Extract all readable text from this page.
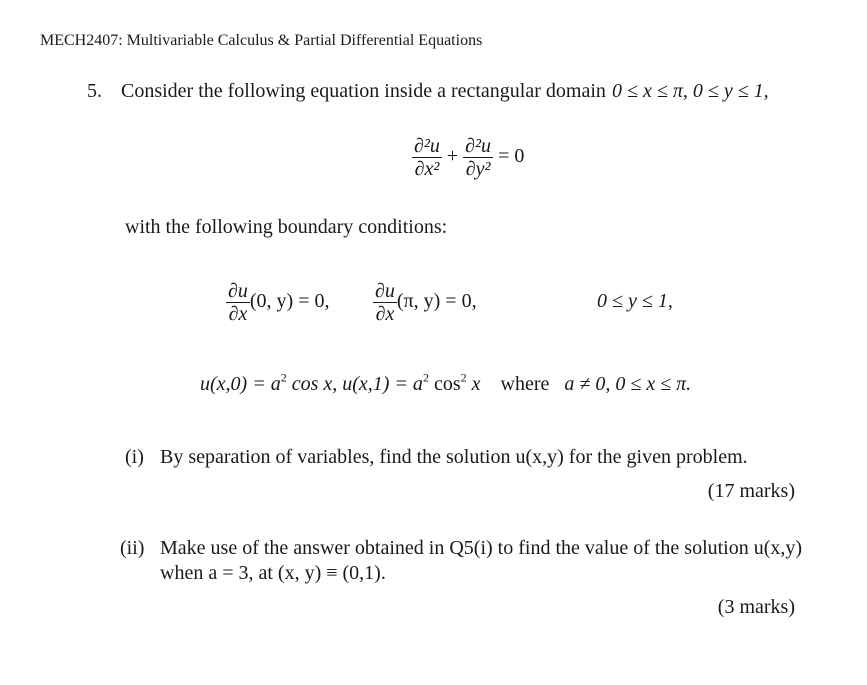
MECH2407: Multivariable Calculus & Partial Differential Equations
5. Consider the following equation inside a rectangular domain 0 ≤ x ≤ π, 0 ≤ y ≤ 1,
$\frac{\text{∂²u}}{\text{∂x²}} + \frac{\text{∂²u}}{\text{∂y²}} = 0$
with the following boundary conditions:
$\frac{\partial u}{\partial x} (0$, y) = 0, $\frac{\partial u}{\partial x} (\pi$, y) = 0,	0 ≤ y ≤ 1,
$u(x,0) = a^2$ cos x, $u(x,1) = a^2$ $\cos^2 x$ where a ≠ 0, 0 ≤ x ≤ π.
(i) By separation of variables, find the solution u(x,y) for the given problem.
(17 marks)
(ii) Make use of the answer obtained in Q5(i) to find the value of the solution u(x,y)
when a = 3, at (x, y) ≡ (0,1).
(3 marks)
